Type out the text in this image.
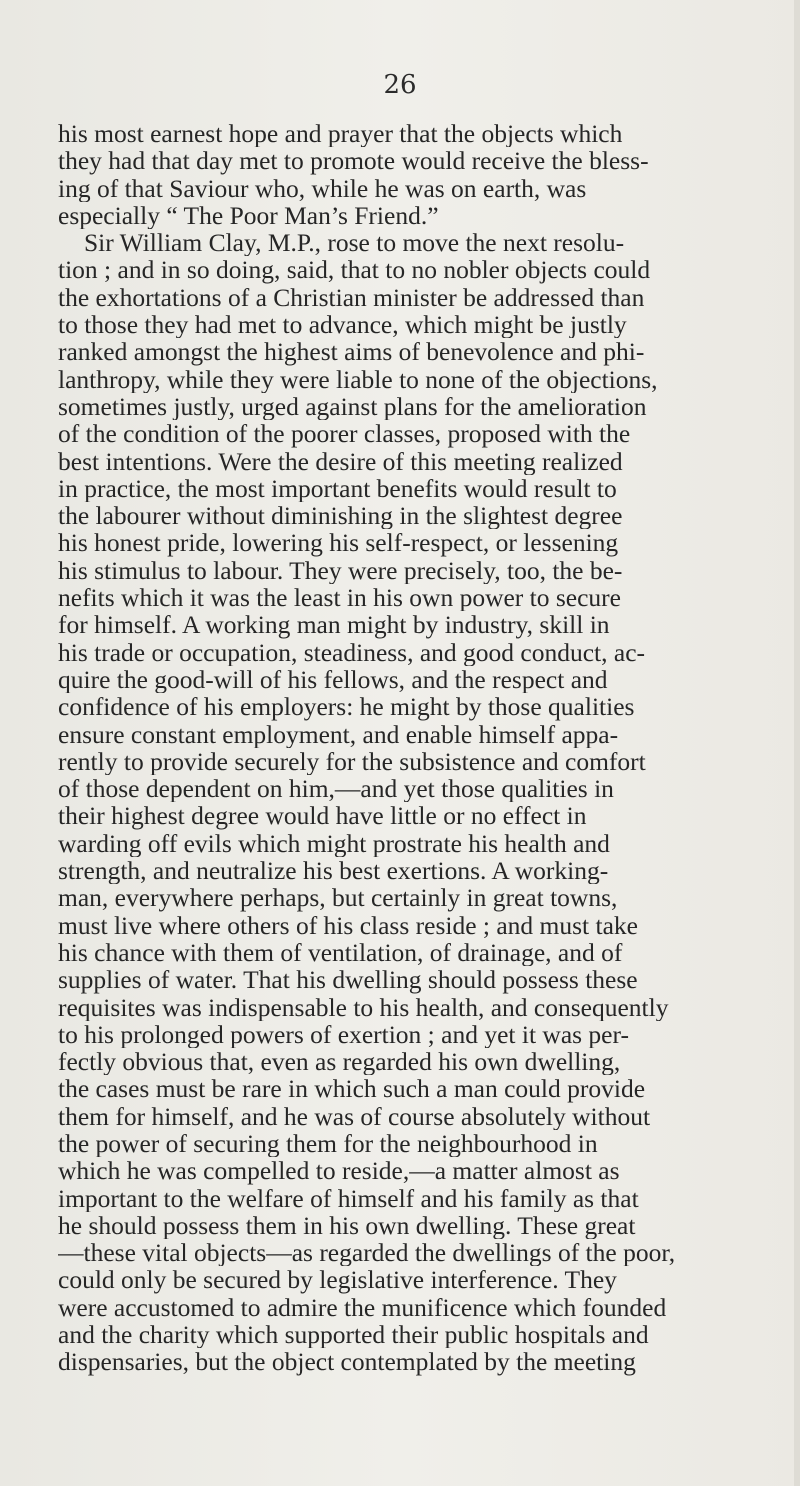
26
his most earnest hope and prayer that the objects which
they had that day met to promote would receive the bless-
ing of that Saviour who, while he was on earth, was
especially “ The Poor Man’s Friend.”
Sir William Clay, M.P., rose to move the next resolu-
tion ; and in so doing, said, that to no nobler objects could
the exhortations of a Christian minister be addressed than
to those they had met to advance, which might be justly
ranked amongst the highest aims of benevolence and phi-
lanthropy, while they were liable to none of the objections,
sometimes justly, urged against plans for the amelioration
of the condition of the poorer classes, proposed with the
best intentions. Were the desire of this meeting realized
in practice, the most important benefits would result to
the labourer without diminishing in the slightest degree
his honest pride, lowering his self-respect, or lessening
his stimulus to labour. They were precisely, too, the be-
nefits which it was the least in his own power to secure
for himself. A working man might by industry, skill in
his trade or occupation, steadiness, and good conduct, ac-
quire the good-will of his fellows, and the respect and
confidence of his employers: he might by those qualities
ensure constant employment, and enable himself appa-
rently to provide securely for the subsistence and comfort
of those dependent on him,—and yet those qualities in
their highest degree would have little or no effect in
warding off evils which might prostrate his health and
strength, and neutralize his best exertions. A working-
man, everywhere perhaps, but certainly in great towns,
must live where others of his class reside ; and must take
his chance with them of ventilation, of drainage, and of
supplies of water. That his dwelling should possess these
requisites was indispensable to his health, and consequently
to his prolonged powers of exertion ; and yet it was per-
fectly obvious that, even as regarded his own dwelling,
the cases must be rare in which such a man could provide
them for himself, and he was of course absolutely without
the power of securing them for the neighbourhood in
which he was compelled to reside,—a matter almost as
important to the welfare of himself and his family as that
he should possess them in his own dwelling. These great
—these vital objects—as regarded the dwellings of the poor,
could only be secured by legislative interference. They
were accustomed to admire the munificence which founded
and the charity which supported their public hospitals and
dispensaries, but the object contemplated by the meeting
